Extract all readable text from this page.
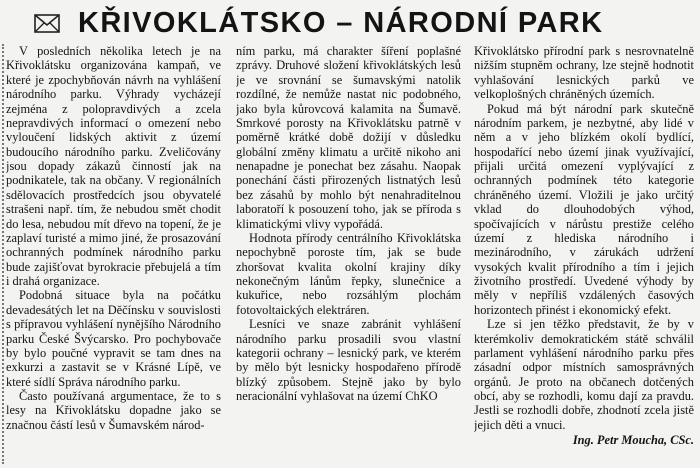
KŘIVOKLÁTSKO – NÁRODNÍ PARK

V posledních několika letech je na Křivoklátsku organizována kampaň, ve které je zpochybňován návrh na vyhlášení národního parku. Výhrady vycházejí zejména z polopravdivých a zcela nepravdivých informací o omezení nebo vyloučení lidských aktivit z území budoucího národního parku. Zveličovány jsou dopady zákazů činností jak na podnikatele, tak na občany. V regionálních sdělovacích prostředcích jsou obyvatelé strašeni např. tím, že nebudou smět chodit do lesa, nebudou mít dřevo na topení, že je zaplaví turisté a mimo jiné, že prosazování ochranných podmínek národního parku bude zajišťovat byrokracie přebujelá a tím i drahá organizace.

Podobná situace byla na počátku devadesátých let na Děčínsku v souvislosti s přípravou vyhlášení nynějšího Národního parku České Švýcarsko. Pro pochybovače by bylo poučné vypravit se tam dnes na exkurzi a zastavit se v Krásné Lípě, ve které sídlí Správa národního parku.

Často používaná argumentace, že to s lesy na Křivoklátsku dopadne jako se značnou částí lesů v Šumavském národ-

ním parku, má charakter šíření poplašné zprávy. Druhové složení křivoklátských lesů je ve srovnání se šumavskými natolik rozdílné, že nemůže nastat nic podobného, jako byla kůrovcová kalamita na Šumavě. Smrkové porosty na Křivoklátsku patrně v poměrně krátké době dožijí v důsledku globální změny klimatu a určitě nikoho ani nenapadne je ponechat bez zásahu. Naopak ponechání části přirozených listnatých lesů bez zásahů by mohlo být nenahraditelnou laboratoří k posouzení toho, jak se příroda s klimatickými vlivy vypořádá.

Hodnota přírody centrálního Křivoklátska nepochybně poroste tím, jak se bude zhoršovat kvalita okolní krajiny díky nekonečným lánům řepky, slunečnice a kukuřice, nebo rozsáhlým plochám fotovoltaických elektráren.

Lesníci ve snaze zabránit vyhlášení národního parku prosadili svou vlastní kategorii ochrany – lesnický park, ve kterém by mělo být lesnicky hospodařeno přírodě blízký způsobem. Stejně jako by bylo neracionální vyhlašovat na území ChKO

Křivoklátsko přírodní park s nesrovnatelně nižším stupněm ochrany, lze stejně hodnotit vyhlašování lesnických parků ve velkoplošných chráněných územích.

Pokud má být národní park skutečně národním parkem, je nezbytné, aby lidé v něm a v jeho blízkém okolí bydlící, hospodařící nebo území jinak využívající, přijali určitá omezení vyplývající z ochranných podmínek této kategorie chráněného území. Vložili je jako určitý vklad do dlouhodobých výhod, spočívajících v nárůstu prestiže celého území z hlediska národního i mezinárodního, v zárukách udržení vysokých kvalit přírodního a tím i jejich životního prostředí. Uvedené výhody by měly v nepříliš vzdálených časových horizontech přinést i ekonomický efekt.

Lze si jen těžko představit, že by v kterémkoliv demokratickém státě schválil parlament vyhlášení národního parku přes zásadní odpor místních samosprávných orgánů. Je proto na občanech dotčených obcí, aby se rozhodli, komu dají za pravdu. Jestli se rozhodli dobře, zhodnotí zcela jistě jejich děti a vnuci.

Ing. Petr Moucha, CSc.
